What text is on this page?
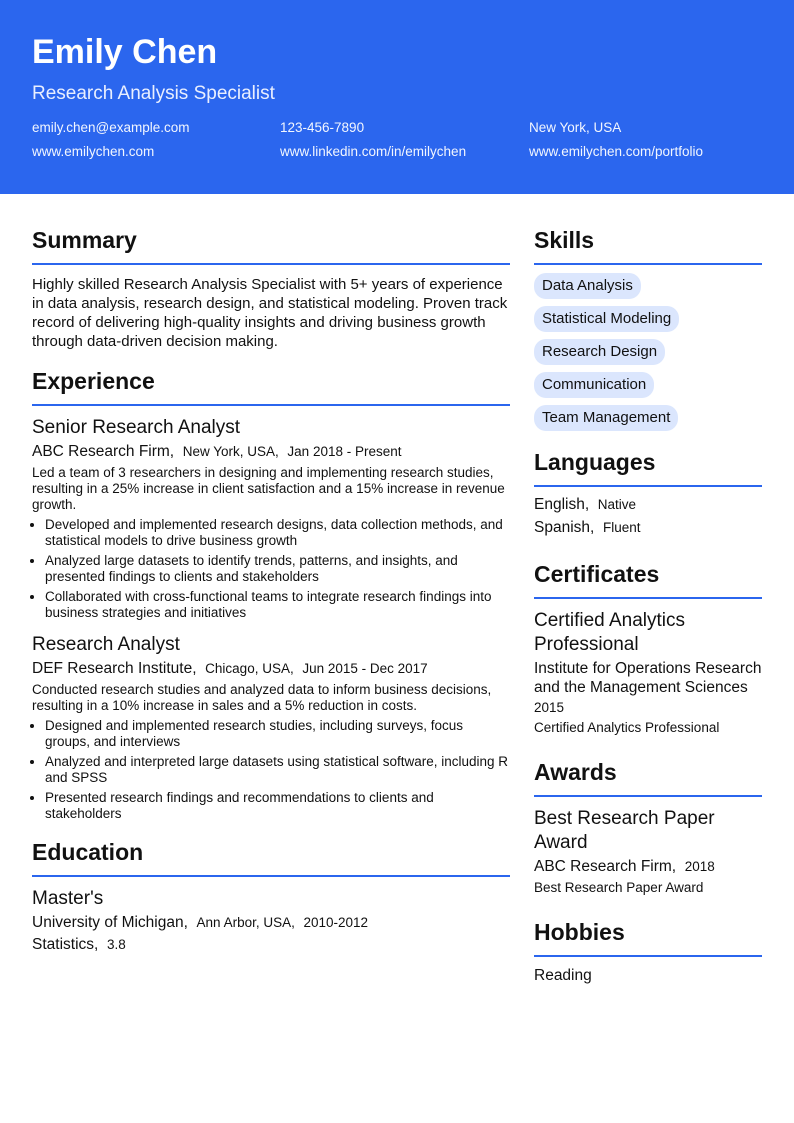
Emily Chen
Research Analysis Specialist
emily.chen@example.com	123-456-7890	New York, USA
www.emilychen.com	www.linkedin.com/in/emilychen	www.emilychen.com/portfolio
Summary
Highly skilled Research Analysis Specialist with 5+ years of experience in data analysis, research design, and statistical modeling. Proven track record of delivering high-quality insights and driving business growth through data-driven decision making.
Experience
Senior Research Analyst
ABC Research Firm, New York, USA, Jan 2018 - Present
Led a team of 3 researchers in designing and implementing research studies, resulting in a 25% increase in client satisfaction and a 15% increase in revenue growth.
• Developed and implemented research designs, data collection methods, and statistical models to drive business growth
• Analyzed large datasets to identify trends, patterns, and insights, and presented findings to clients and stakeholders
• Collaborated with cross-functional teams to integrate research findings into business strategies and initiatives
Research Analyst
DEF Research Institute, Chicago, USA, Jun 2015 - Dec 2017
Conducted research studies and analyzed data to inform business decisions, resulting in a 10% increase in sales and a 5% reduction in costs.
• Designed and implemented research studies, including surveys, focus groups, and interviews
• Analyzed and interpreted large datasets using statistical software, including R and SPSS
• Presented research findings and recommendations to clients and stakeholders
Education
Master's
University of Michigan, Ann Arbor, USA, 2010-2012
Statistics, 3.8
Skills
Data Analysis
Statistical Modeling
Research Design
Communication
Team Management
Languages
English, Native
Spanish, Fluent
Certificates
Certified Analytics Professional
Institute for Operations Research and the Management Sciences
2015
Certified Analytics Professional
Awards
Best Research Paper Award
ABC Research Firm, 2018
Best Research Paper Award
Hobbies
Reading
